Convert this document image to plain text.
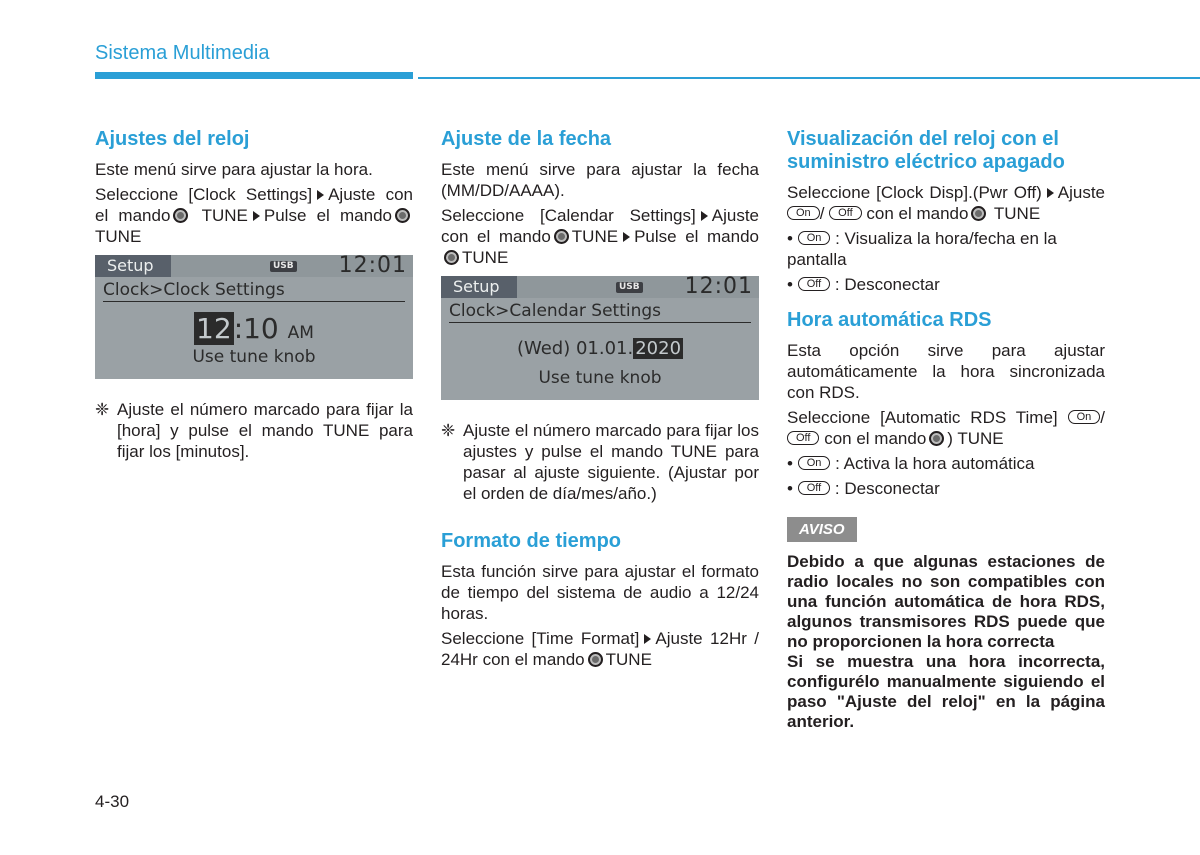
Sistema Multimedia
Ajustes del reloj

Este menú sirve para ajustar la hora.

Seleccione [Clock Settings] Ajuste con el mando TUNE Pulse el mandoTUNE

Setup	USB 12:01
Clock>Clock Settings
12:10 AM
Use tune knob
❈ Ajuste el número marcado para fijar la [hora] y pulse el mando TUNE para fijar los [minutos].
Ajuste de la fecha

Este menú sirve para ajustar la fecha (MM/DD/AAAA).

Seleccione [Calendar Settings] Ajuste con el mando TUNE Pulse el mandoTUNE

Setup	USB 12:01
Clock>Calendar Settings
(Wed) 01.01. 2020
Use tune knob
❈ Ajuste el número marcado para fijar los ajustes y pulse el mando TUNE para pasar al ajuste siguiente. (Ajustar por el orden de día/mes/año.)
Formato de tiempo

Esta función sirve para ajustar el formato de tiempo del sistema de audio a 12/24 horas.

Seleccione [Time Format] Ajuste 12Hr / 24Hr con el mando TUNE

Visualización del reloj con el suministro eléctrico apagado

Seleccione [Clock Disp].(Pwr Off) Ajuste On / Off con el mando TUNE

• On : Visualiza la hora/fecha en la pantalla
• Off : Desconectar
Hora automática RDS

Esta opción sirve para ajustar automáticamente la hora sincronizada con RDS.

Seleccione [Automatic RDS Time] On /Off con el mando ) TUNE

• On : Activa la hora automática
• Off : Desconectar
AVISO

Debido a que algunas estaciones de radio locales no son compatibles con una función automática de hora RDS, algunos transmisores RDS puede que no proporcionen la hora correcta

Si se muestra una hora incorrecta, configurélo manualmente siguiendo el paso "Ajuste del reloj" en la página anterior.

4-30
